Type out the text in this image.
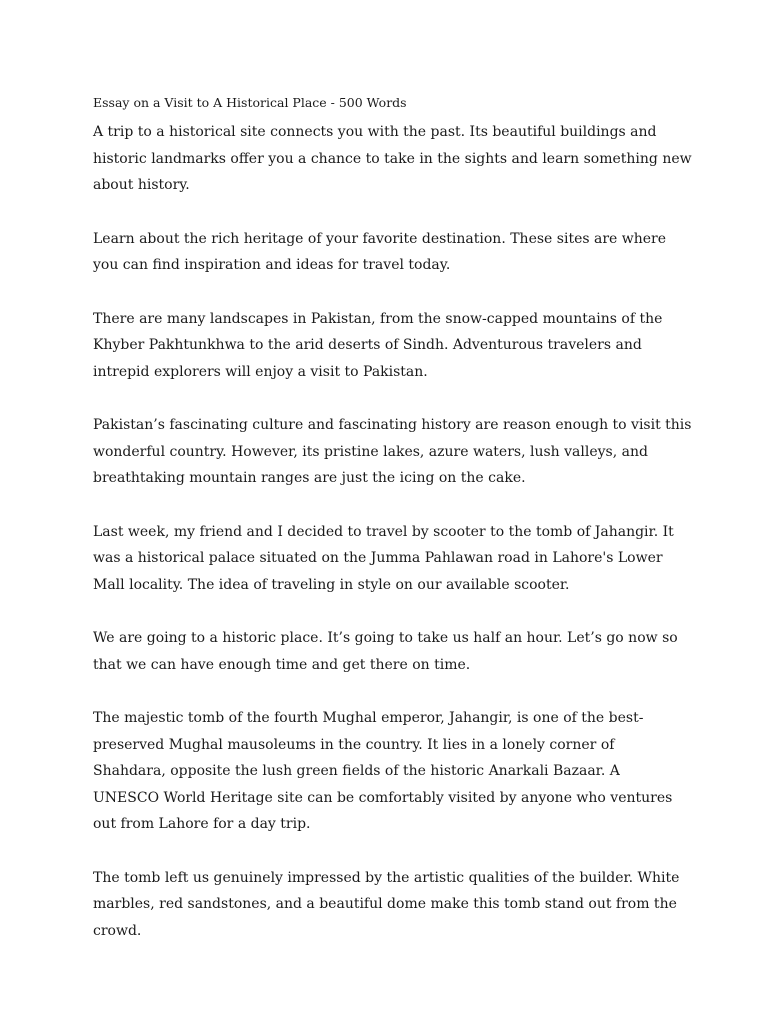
Essay on a Visit to A Historical Place - 500 Words

A trip to a historical site connects you with the past. Its beautiful buildings and
historic landmarks offer you a chance to take in the sights and learn something new
about history.

Learn about the rich heritage of your favorite destination. These sites are where
you can find inspiration and ideas for travel today.

There are many landscapes in Pakistan, from the snow-capped mountains of the
Khyber Pakhtunkhwa to the arid deserts of Sindh. Adventurous travelers and
intrepid explorers will enjoy a visit to Pakistan.

Pakistan’s fascinating culture and fascinating history are reason enough to visit this
wonderful country. However, its pristine lakes, azure waters, lush valleys, and
breathtaking mountain ranges are just the icing on the cake.

Last week, my friend and I decided to travel by scooter to the tomb of Jahangir. It
was a historical palace situated on the Jumma Pahlawan road in Lahore's Lower
Mall locality. The idea of traveling in style on our available scooter.

We are going to a historic place. It’s going to take us half an hour. Let’s go now so
that we can have enough time and get there on time.

The majestic tomb of the fourth Mughal emperor, Jahangir, is one of the best-
preserved Mughal mausoleums in the country. It lies in a lonely corner of
Shahdara, opposite the lush green fields of the historic Anarkali Bazaar. A
UNESCO World Heritage site can be comfortably visited by anyone who ventures
out from Lahore for a day trip.

The tomb left us genuinely impressed by the artistic qualities of the builder. White
marbles, red sandstones, and a beautiful dome make this tomb stand out from the
crowd.
